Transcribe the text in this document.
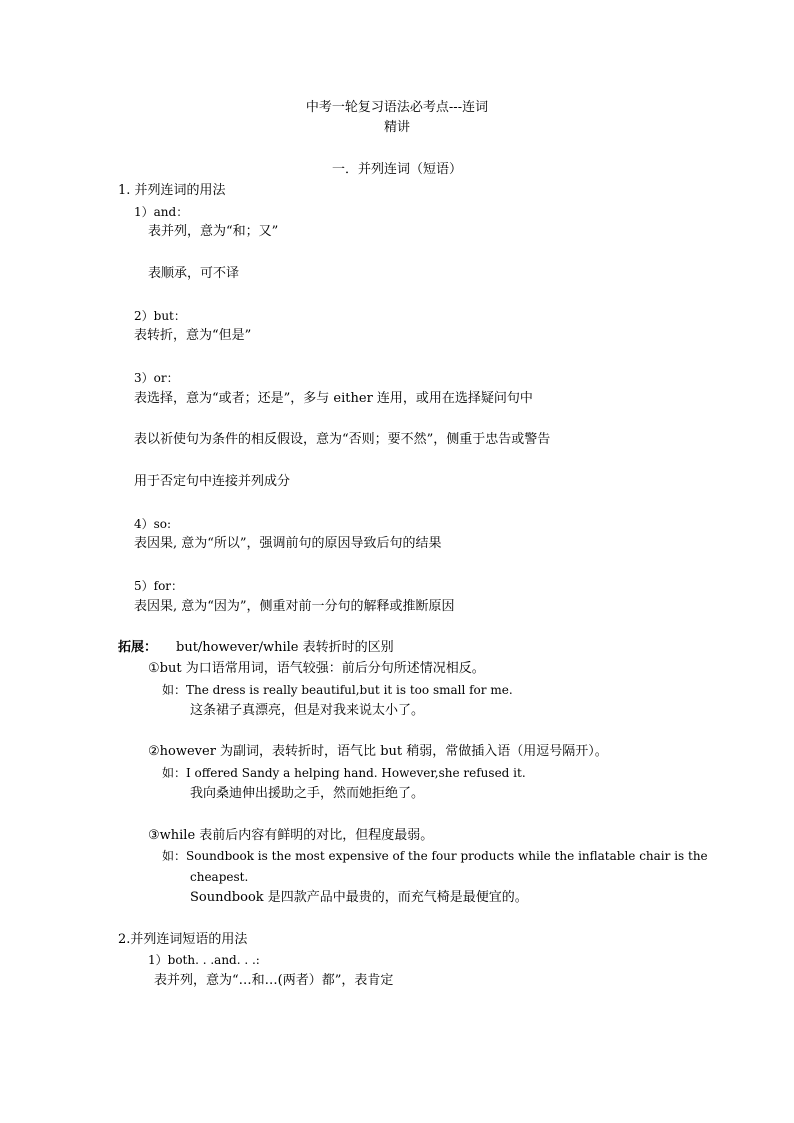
中考一轮复习语法必考点---连词
精讲
一．并列连词（短语）
1. 并列连词的用法
1）and：
表并列，意为“和；又”
表顺承，可不译
2）but：
表转折，意为“但是”
3）or：
表选择，意为“或者；还是”，多与 either 连用，或用在选择疑问句中
表以祈使句为条件的相反假设，意为“否则；要不然”，侧重于忠告或警告
用于否定句中连接并列成分
4）so:
表因果, 意为“所以”，强调前句的原因导致后句的结果
5）for：
表因果, 意为“因为”，侧重对前一分句的解释或推断原因
拓展： but/however/while 表转折时的区别
①but 为口语常用词，语气较强：前后分句所述情况相反。
如：The dress is really beautiful,but it is too small for me.
这条裙子真漂亮，但是对我来说太小了。
②however 为副词，表转折时，语气比 but 稍弱，常做插入语（用逗号隔开）。
如：I offered Sandy a helping hand. However,she refused it.
我向桑迪伸出援助之手，然而她拒绝了。
③while 表前后内容有鲜明的对比，但程度最弱。
如：Soundbook is the most expensive of the four products while the inflatable chair is the
cheapest.
Soundbook 是四款产品中最贵的，而充气椅是最便宜的。
2.并列连词短语的用法
1）both. . .and. . .:
表并列，意为“…和…(两者）都”，表肯定
